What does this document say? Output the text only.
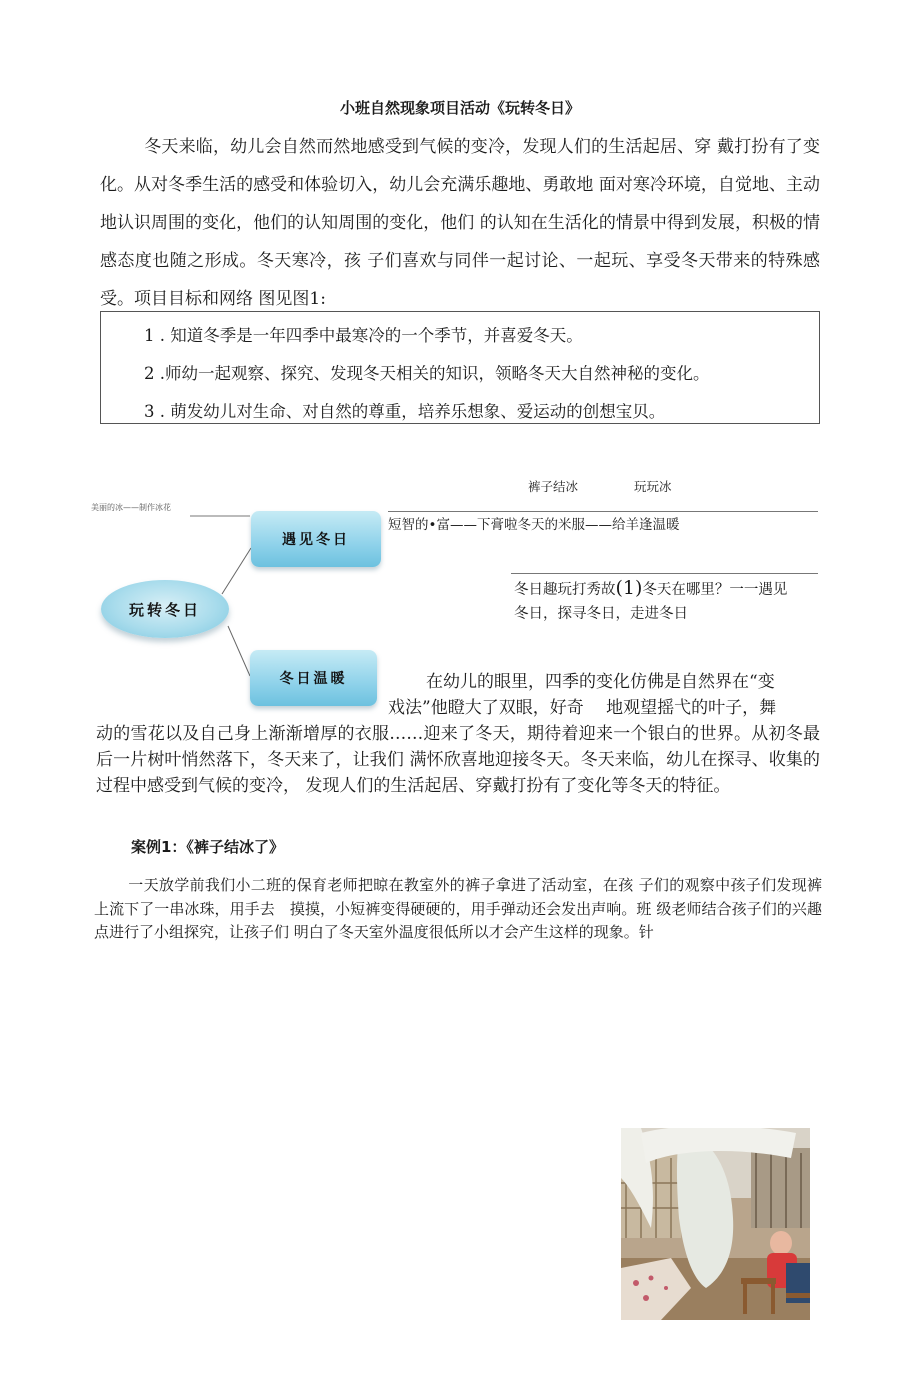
小班自然现象项目活动《玩转冬日》
冬天来临，幼儿会自然而然地感受到气候的变冷，发现人们的生活起居、穿 戴打扮有了变化。从对冬季生活的感受和体验切入，幼儿会充满乐趣地、勇敢地 面对寒冷环境，自觉地、主动地认识周围的变化，他们的认知周围的变化，他们 的认知在生活化的情景中得到发展，积极的情感态度也随之形成。冬天寒冷，孩 子们喜欢与同伴一起讨论、一起玩、享受冬天带来的特殊感受。项目目标和网络 图见图1:
1 . 知道冬季是一年四季中最寒冷的一个季节，并喜爱冬天。
2 .师幼一起观察、探究、发现冬天相关的知识，领略冬天大自然神秘的变化。
3 . 萌发幼儿对生命、对自然的尊重，培养乐想象、爱运动的创想宝贝。
裤子结冰	玩玩冰
美丽的冰——制作冰花
短智的•富——下膏啦冬天的米服——给羊逢温暖
冬日趣玩打秀故(1)冬天在哪里？一一遇见
冬日，探寻冬日，走进冬日
玩转冬日
遇见冬日
冬日温暖	在幼儿的眼里，四季的变化仿佛是自然界在“变
戏法”他瞪大了双眼，好奇　 地观望摇弋的叶子，舞
动的雪花以及自己身上渐渐增厚的衣服……迎来了冬天，期待着迎来一个银白的世界。从初冬最后一片树叶悄然落下，冬天来了，让我们 满怀欣喜地迎接冬天。冬天来临，幼儿在探寻、收集的过程中感受到气候的变冷， 发现人们的生活起居、穿戴打扮有了变化等冬天的特征。
案例1：《裤子结冰了》
一天放学前我们小二班的保育老师把晾在教室外的裤子拿进了活动室，在孩 子们的观察中孩子们发现裤上流下了一串冰珠，用手去　摸摸，小短裤变得硬硬的，用手弹动还会发出声响。班 级老师结合孩子们的兴趣点进行了小组探究，让孩子们 明白了冬天室外温度很低所以才会产生这样的现象。针
